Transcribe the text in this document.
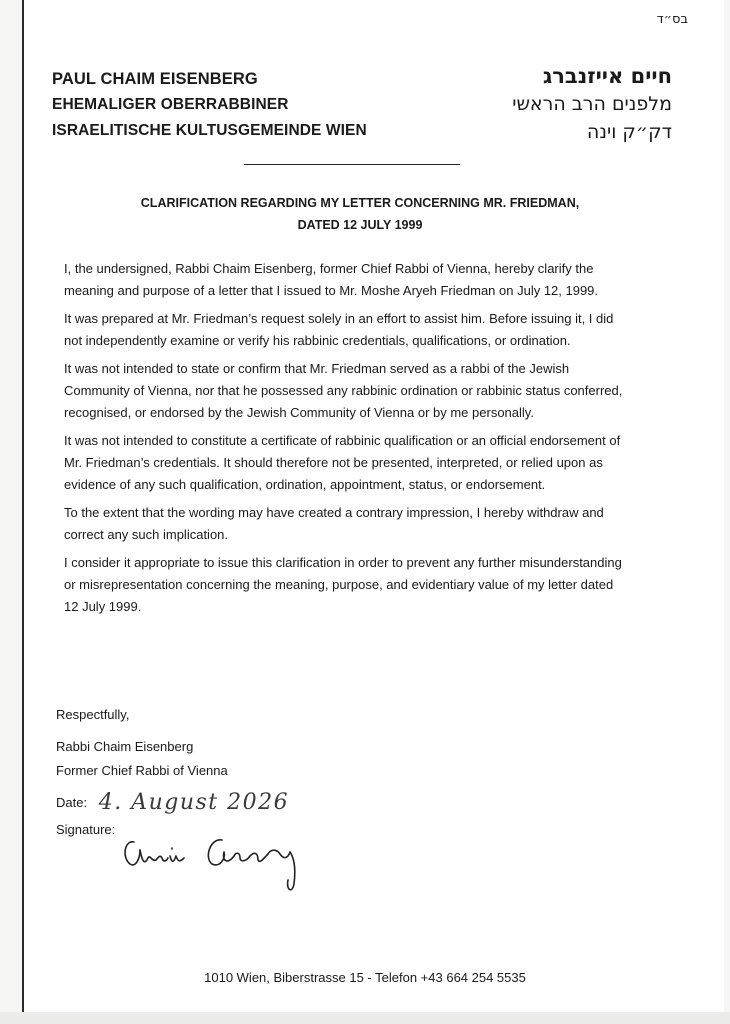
בס״ד
PAUL CHAIM EISENBERG
EHEMALIGER OBERRABBINER
ISRAELITISCHE KULTUSGEMEINDE WIEN
חיים אייזנברג
מלפנים הרב הראשי
דק״ק וינה
CLARIFICATION REGARDING MY LETTER CONCERNING MR. FRIEDMAN,
DATED 12 JULY 1999

I, the undersigned, Rabbi Chaim Eisenberg, former Chief Rabbi of Vienna, hereby clarify the meaning and purpose of a letter that I issued to Mr. Moshe Aryeh Friedman on July 12, 1999.

It was prepared at Mr. Friedman’s request solely in an effort to assist him. Before issuing it, I did not independently examine or verify his rabbinic credentials, qualifications, or ordination.

It was not intended to state or confirm that Mr. Friedman served as a rabbi of the Jewish Community of Vienna, nor that he possessed any rabbinic ordination or rabbinic status conferred, recognised, or endorsed by the Jewish Community of Vienna or by me personally.

It was not intended to constitute a certificate of rabbinic qualification or an official endorsement of Mr. Friedman’s credentials. It should therefore not be presented, interpreted, or relied upon as evidence of any such qualification, ordination, appointment, status, or endorsement.

To the extent that the wording may have created a contrary impression, I hereby withdraw and correct any such implication.

I consider it appropriate to issue this clarification in order to prevent any further misunderstanding or misrepresentation concerning the meaning, purpose, and evidentiary value of my letter dated 12 July 1999.

Respectfully,
Rabbi Chaim Eisenberg
Former Chief Rabbi of Vienna
Date: 4. August 2026
Signature:
1010 Wien, Biberstrasse 15 - Telefon +43 664 254 5535
